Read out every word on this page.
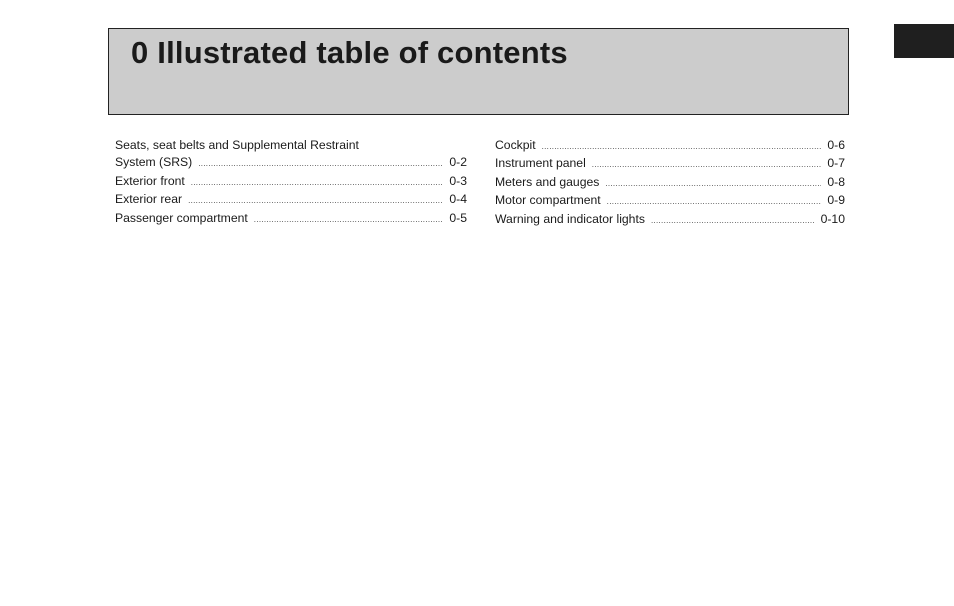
0 Illustrated table of contents
Seats, seat belts and Supplemental Restraint
System (SRS) .....	0-2
Exterior front .....	0-3
Exterior rear .....	0-4
Passenger compartment .....	0-5
Cockpit .....	0-6
Instrument panel .....	0-7
Meters and gauges .....	0-8
Motor compartment .....	0-9
Warning and indicator lights .....	0-10
